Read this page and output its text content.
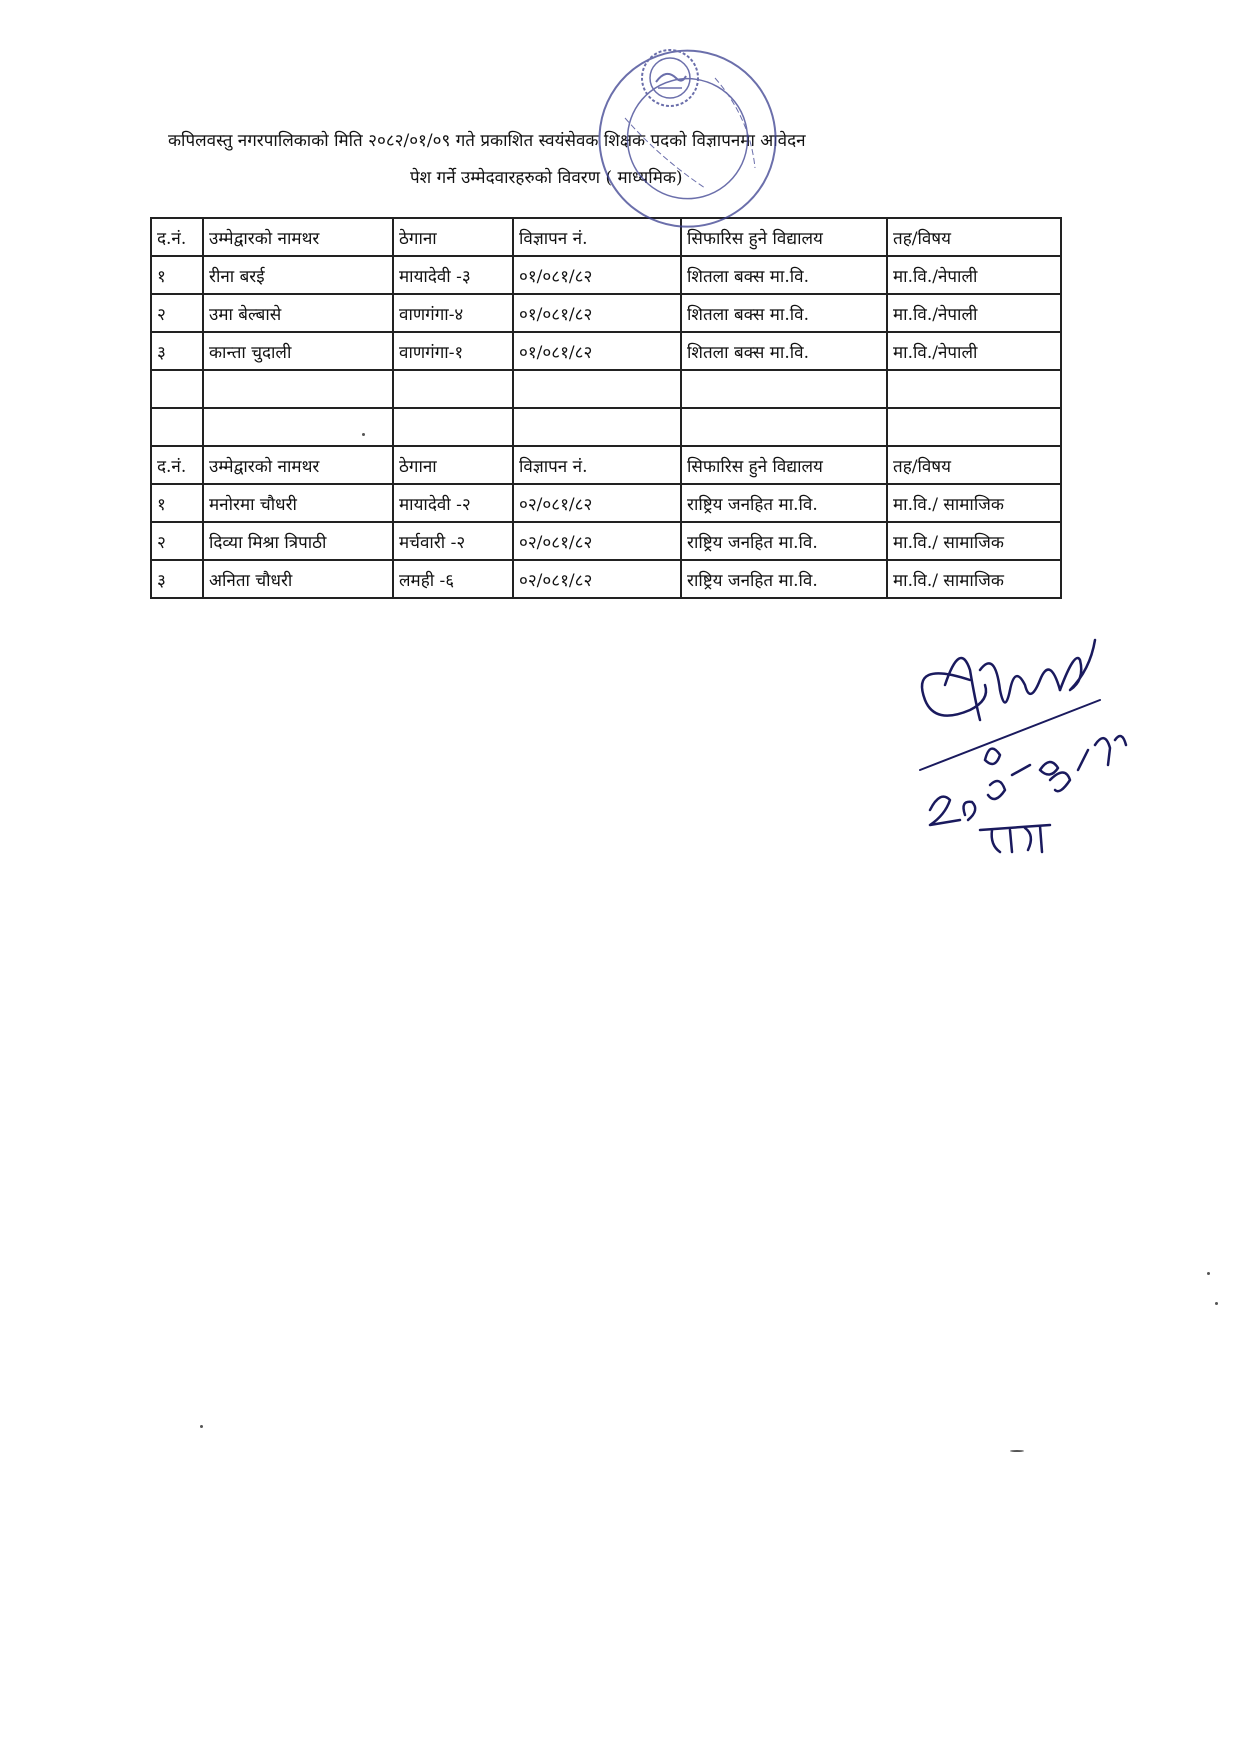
कपिलवस्तु नगरपालिकाको मिति २०८२/०१/०९ गते प्रकाशित स्वयंसेवक शिक्षक पदको विज्ञापनमा आवेदन
पेश गर्ने उम्मेदवारहरुको विवरण ( माध्यमिक)
द.नं.	उम्मेद्वारको नामथर	ठेगाना	विज्ञापन नं.	सिफारिस हुने विद्यालय	तह/विषय
१	रीना बरई	मायादेवी -३	०१/०८१/८२	शितला बक्स मा.वि.	मा.वि./नेपाली
२	उमा बेल्बासे	वाणगंगा-४	०१/०८१/८२	शितला बक्स मा.वि.	मा.वि./नेपाली
३	कान्ता चुदाली	वाणगंगा-१	०१/०८१/८२	शितला बक्स मा.वि.	मा.वि./नेपाली

द.नं.	उम्मेद्वारको नामथर	ठेगाना	विज्ञापन नं.	सिफारिस हुने विद्यालय	तह/विषय
१	मनोरमा चौधरी	मायादेवी -२	०२/०८१/८२	राष्ट्रिय जनहित मा.वि.	मा.वि./ सामाजिक
२	दिव्या मिश्रा त्रिपाठी	मर्चवारी -२	०२/०८१/८२	राष्ट्रिय जनहित मा.वि.	मा.वि./ सामाजिक
३	अनिता चौधरी	लमही -६	०२/०८१/८२	राष्ट्रिय जनहित मा.वि.	मा.वि./ सामाजिक
